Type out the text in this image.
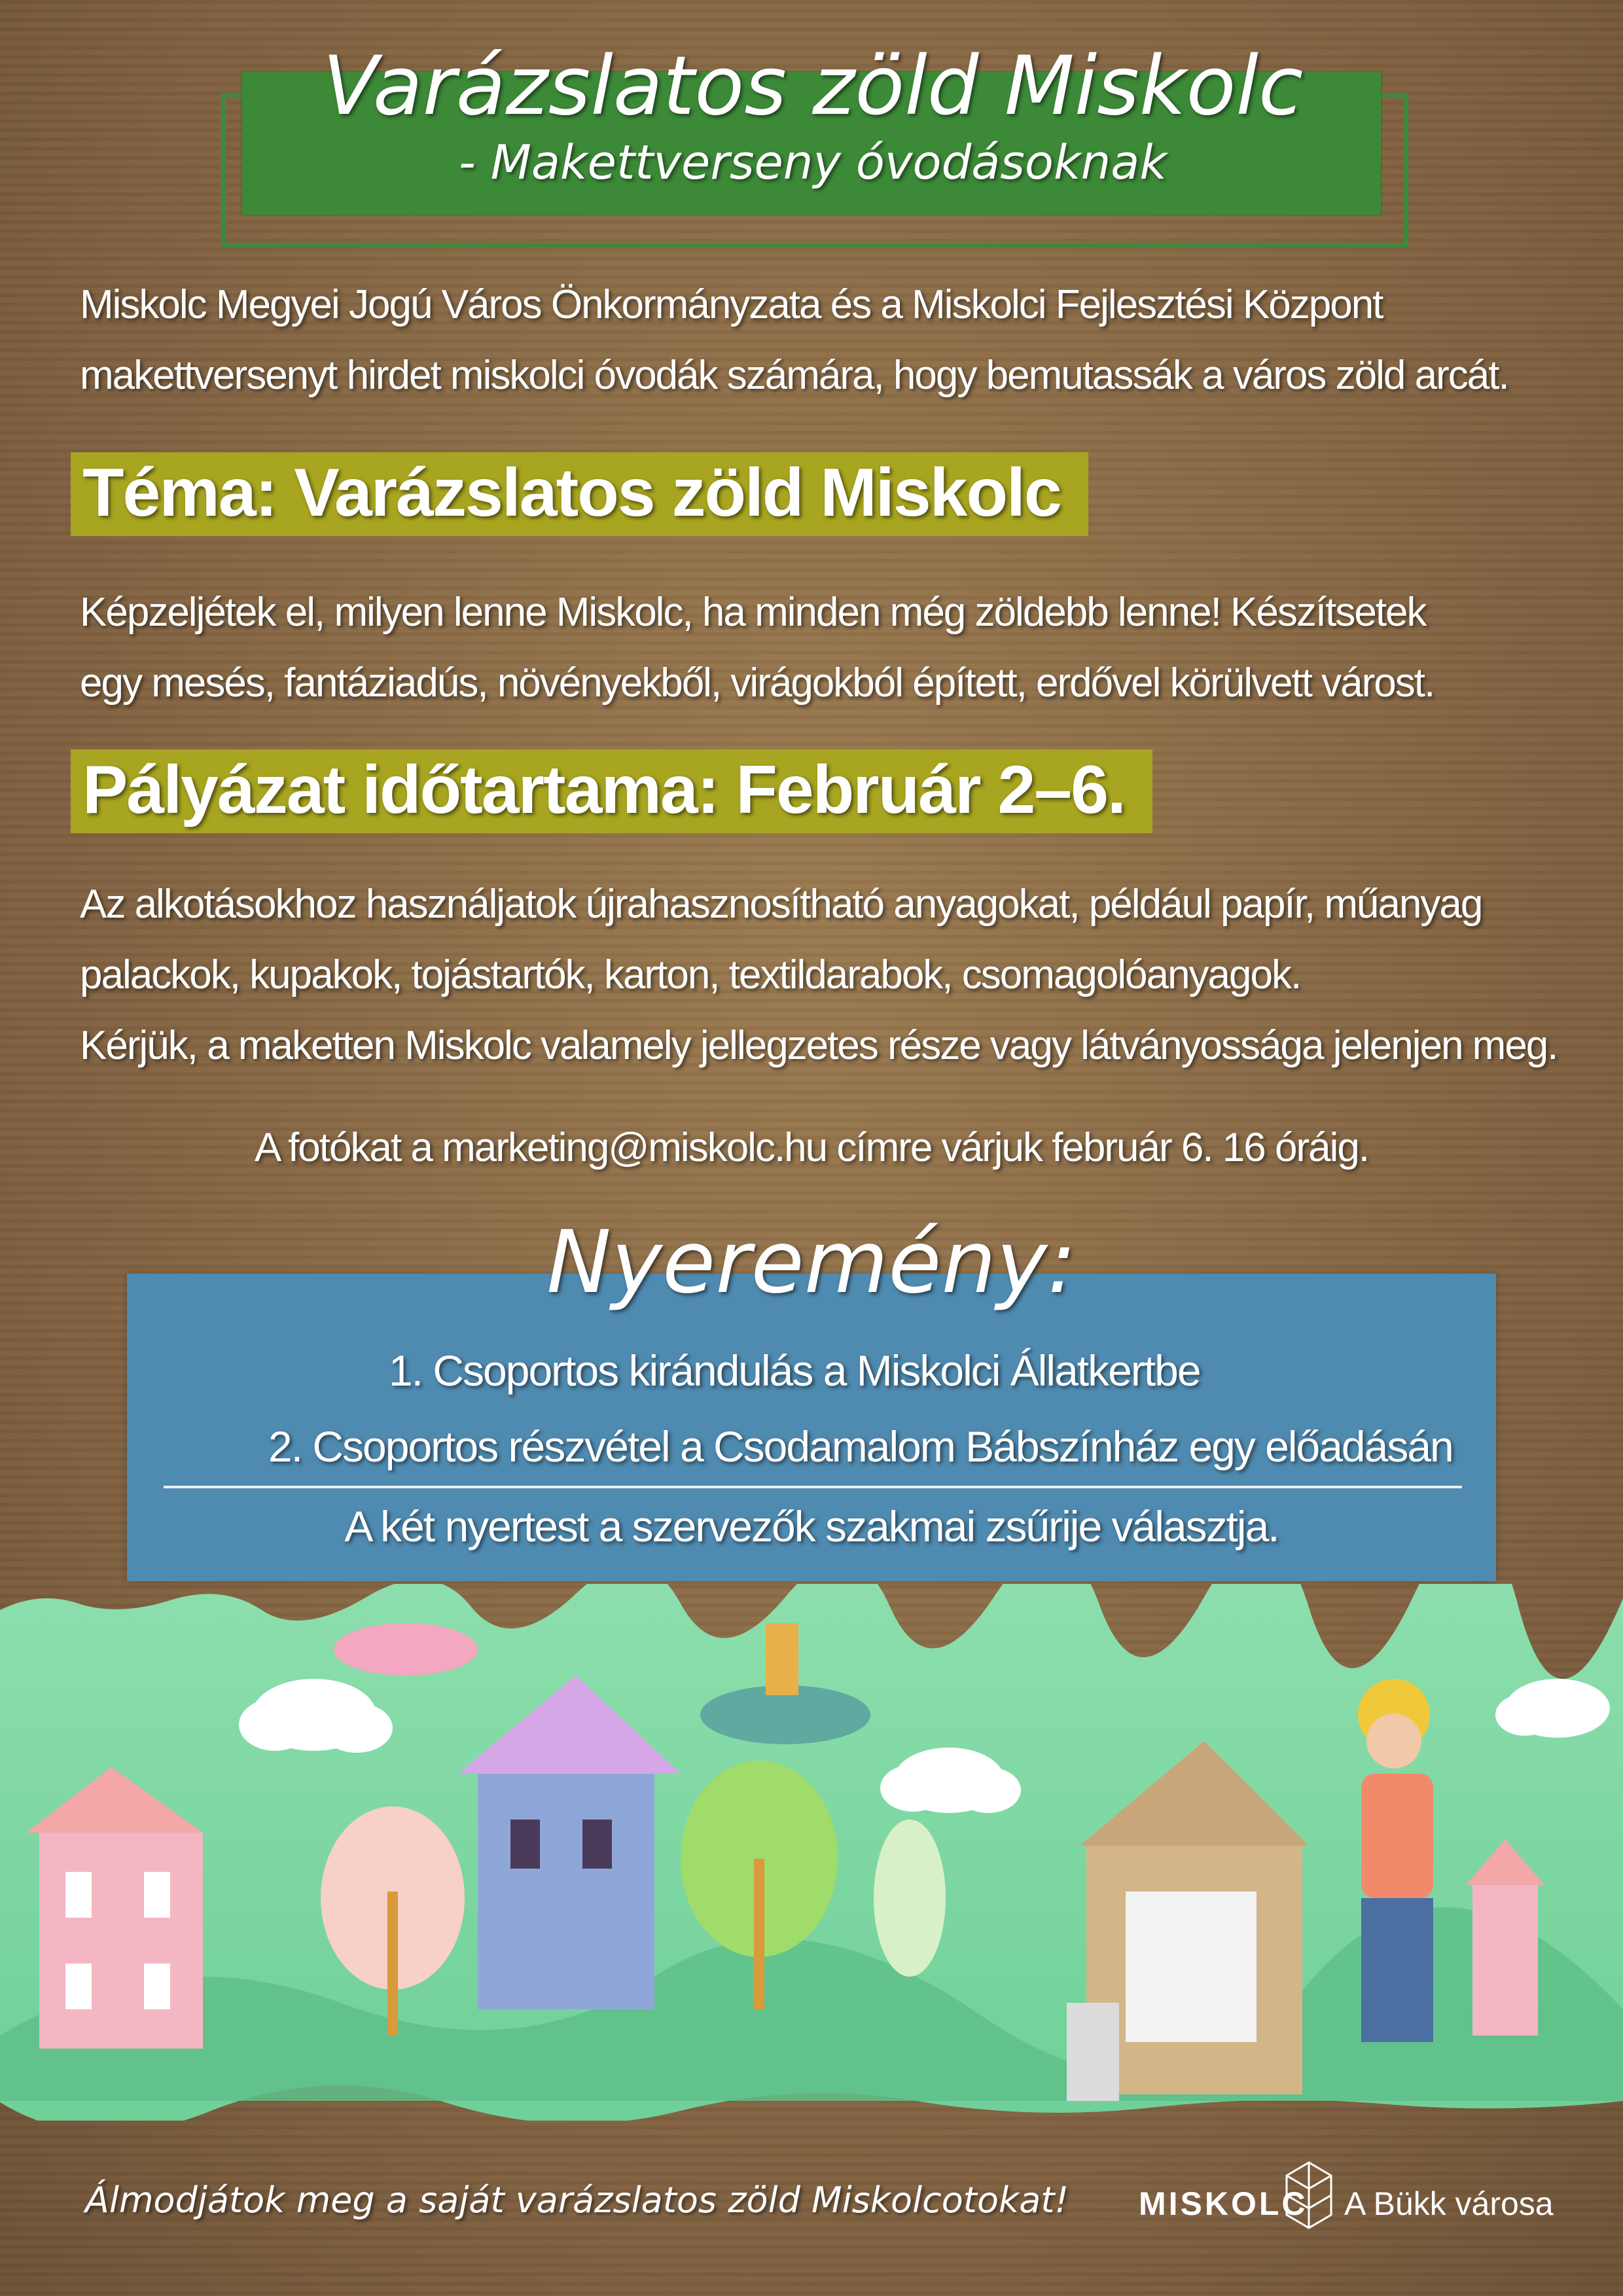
Varázslatos zöld Miskolc
- Makettverseny óvodásoknak
Miskolc Megyei Jogú Város Önkormányzata és a Miskolci Fejlesztési Központ
makettversenyt hirdet miskolci óvodák számára, hogy bemutassák a város zöld arcát.
Téma: Varázslatos zöld Miskolc
Képzeljétek el, milyen lenne Miskolc, ha minden még zöldebb lenne! Készítsetek
egy mesés, fantáziadús, növényekből, virágokból épített, erdővel körülvett várost.
Pályázat időtartama: Február 2–6.
Az alkotásokhoz használjatok újrahasznosítható anyagokat, például papír, műanyag
palackok, kupakok, tojástartók, karton, textildarabok, csomagolóanyagok.
Kérjük, a maketten Miskolc valamely jellegzetes része vagy látványossága jelenjen meg.
A fotókat a marketing@miskolc.hu címre várjuk február 6. 16 óráig.
Nyeremény:
1. Csoportos kirándulás a Miskolci Állatkertbe
2. Csoportos részvétel a Csodamalom Bábszínház egy előadásán
A két nyertest a szervezők szakmai zsűrije választja.
Álmodjátok meg a saját varázslatos zöld Miskolcotokat! MISKOLC A Bükk városa
